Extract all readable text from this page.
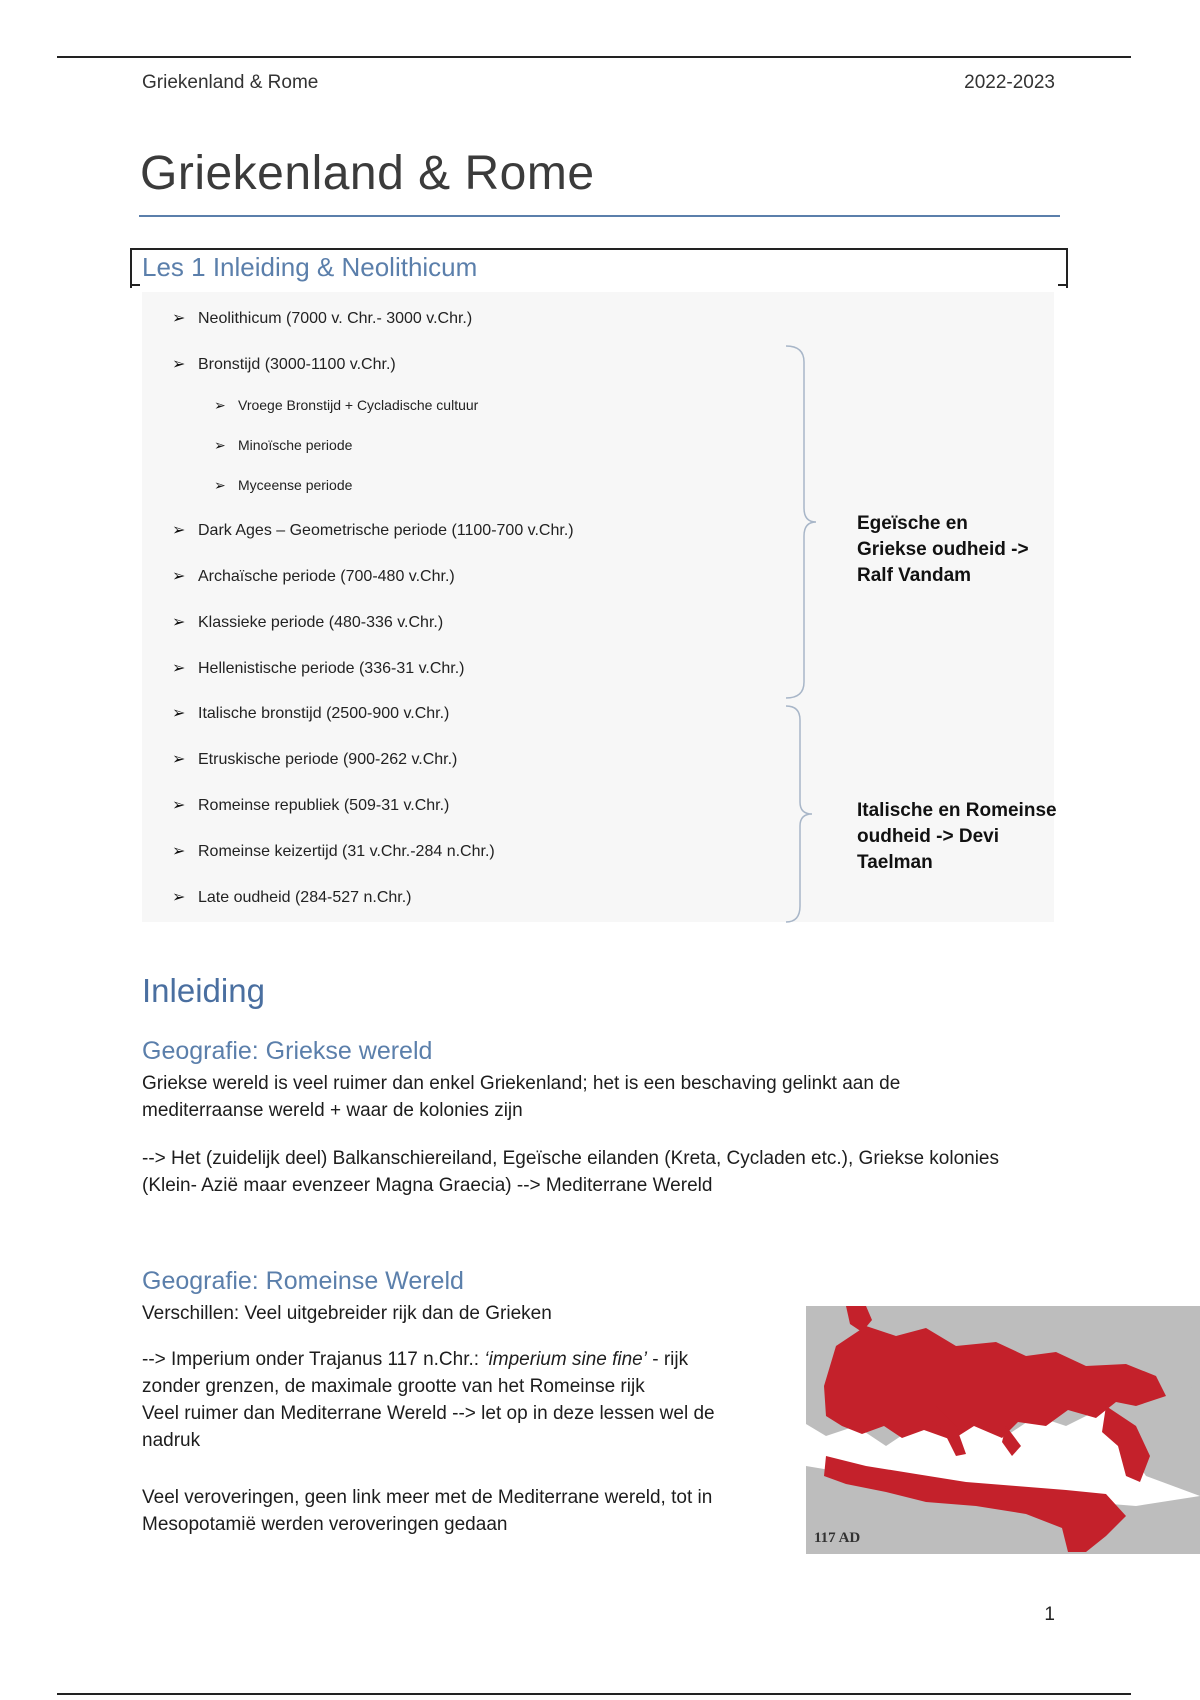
Griekenland & Rome	2022-2023
Griekenland & Rome
Les 1 Inleiding & Neolithicum
➢ Neolithicum (7000 v. Chr.- 3000 v.Chr.)
➢ Bronstijd (3000-1100 v.Chr.)
➢ Vroege Bronstijd + Cycladische cultuur
➢ Minoïsche periode
➢ Myceense periode
➢ Dark Ages – Geometrische periode (1100-700 v.Chr.)
➢ Archaïsche periode (700-480 v.Chr.)
➢ Klassieke periode (480-336 v.Chr.)
➢ Hellenistische periode (336-31 v.Chr.)
➢ Italische bronstijd (2500-900 v.Chr.)
➢ Etruskische periode (900-262 v.Chr.)
➢ Romeinse republiek (509-31 v.Chr.)
➢ Romeinse keizertijd (31 v.Chr.-284 n.Chr.)
➢ Late oudheid (284-527 n.Chr.)
Egeïsche en
Griekse oudheid ->
Ralf Vandam
Italische en Romeinse
oudheid -> Devi
Taelman
Inleiding
Geografie: Griekse wereld
Griekse wereld is veel ruimer dan enkel Griekenland; het is een beschaving gelinkt aan de
mediterraanse wereld + waar de kolonies zijn
--> Het (zuidelijk deel) Balkanschiereiland, Egeïsche eilanden (Kreta, Cycladen etc.), Griekse kolonies
(Klein- Azië maar evenzeer Magna Graecia) --> Mediterrane Wereld
Geografie: Romeinse Wereld
Verschillen: Veel uitgebreider rijk dan de Grieken
--> Imperium onder Trajanus 117 n.Chr.: ‘imperium sine fine’ - rijk
zonder grenzen, de maximale grootte van het Romeinse rijk
Veel ruimer dan Mediterrane Wereld --> let op in deze lessen wel de
nadruk
Veel veroveringen, geen link meer met de Mediterrane wereld, tot in
Mesopotamië werden veroveringen gedaan
117 AD
1
